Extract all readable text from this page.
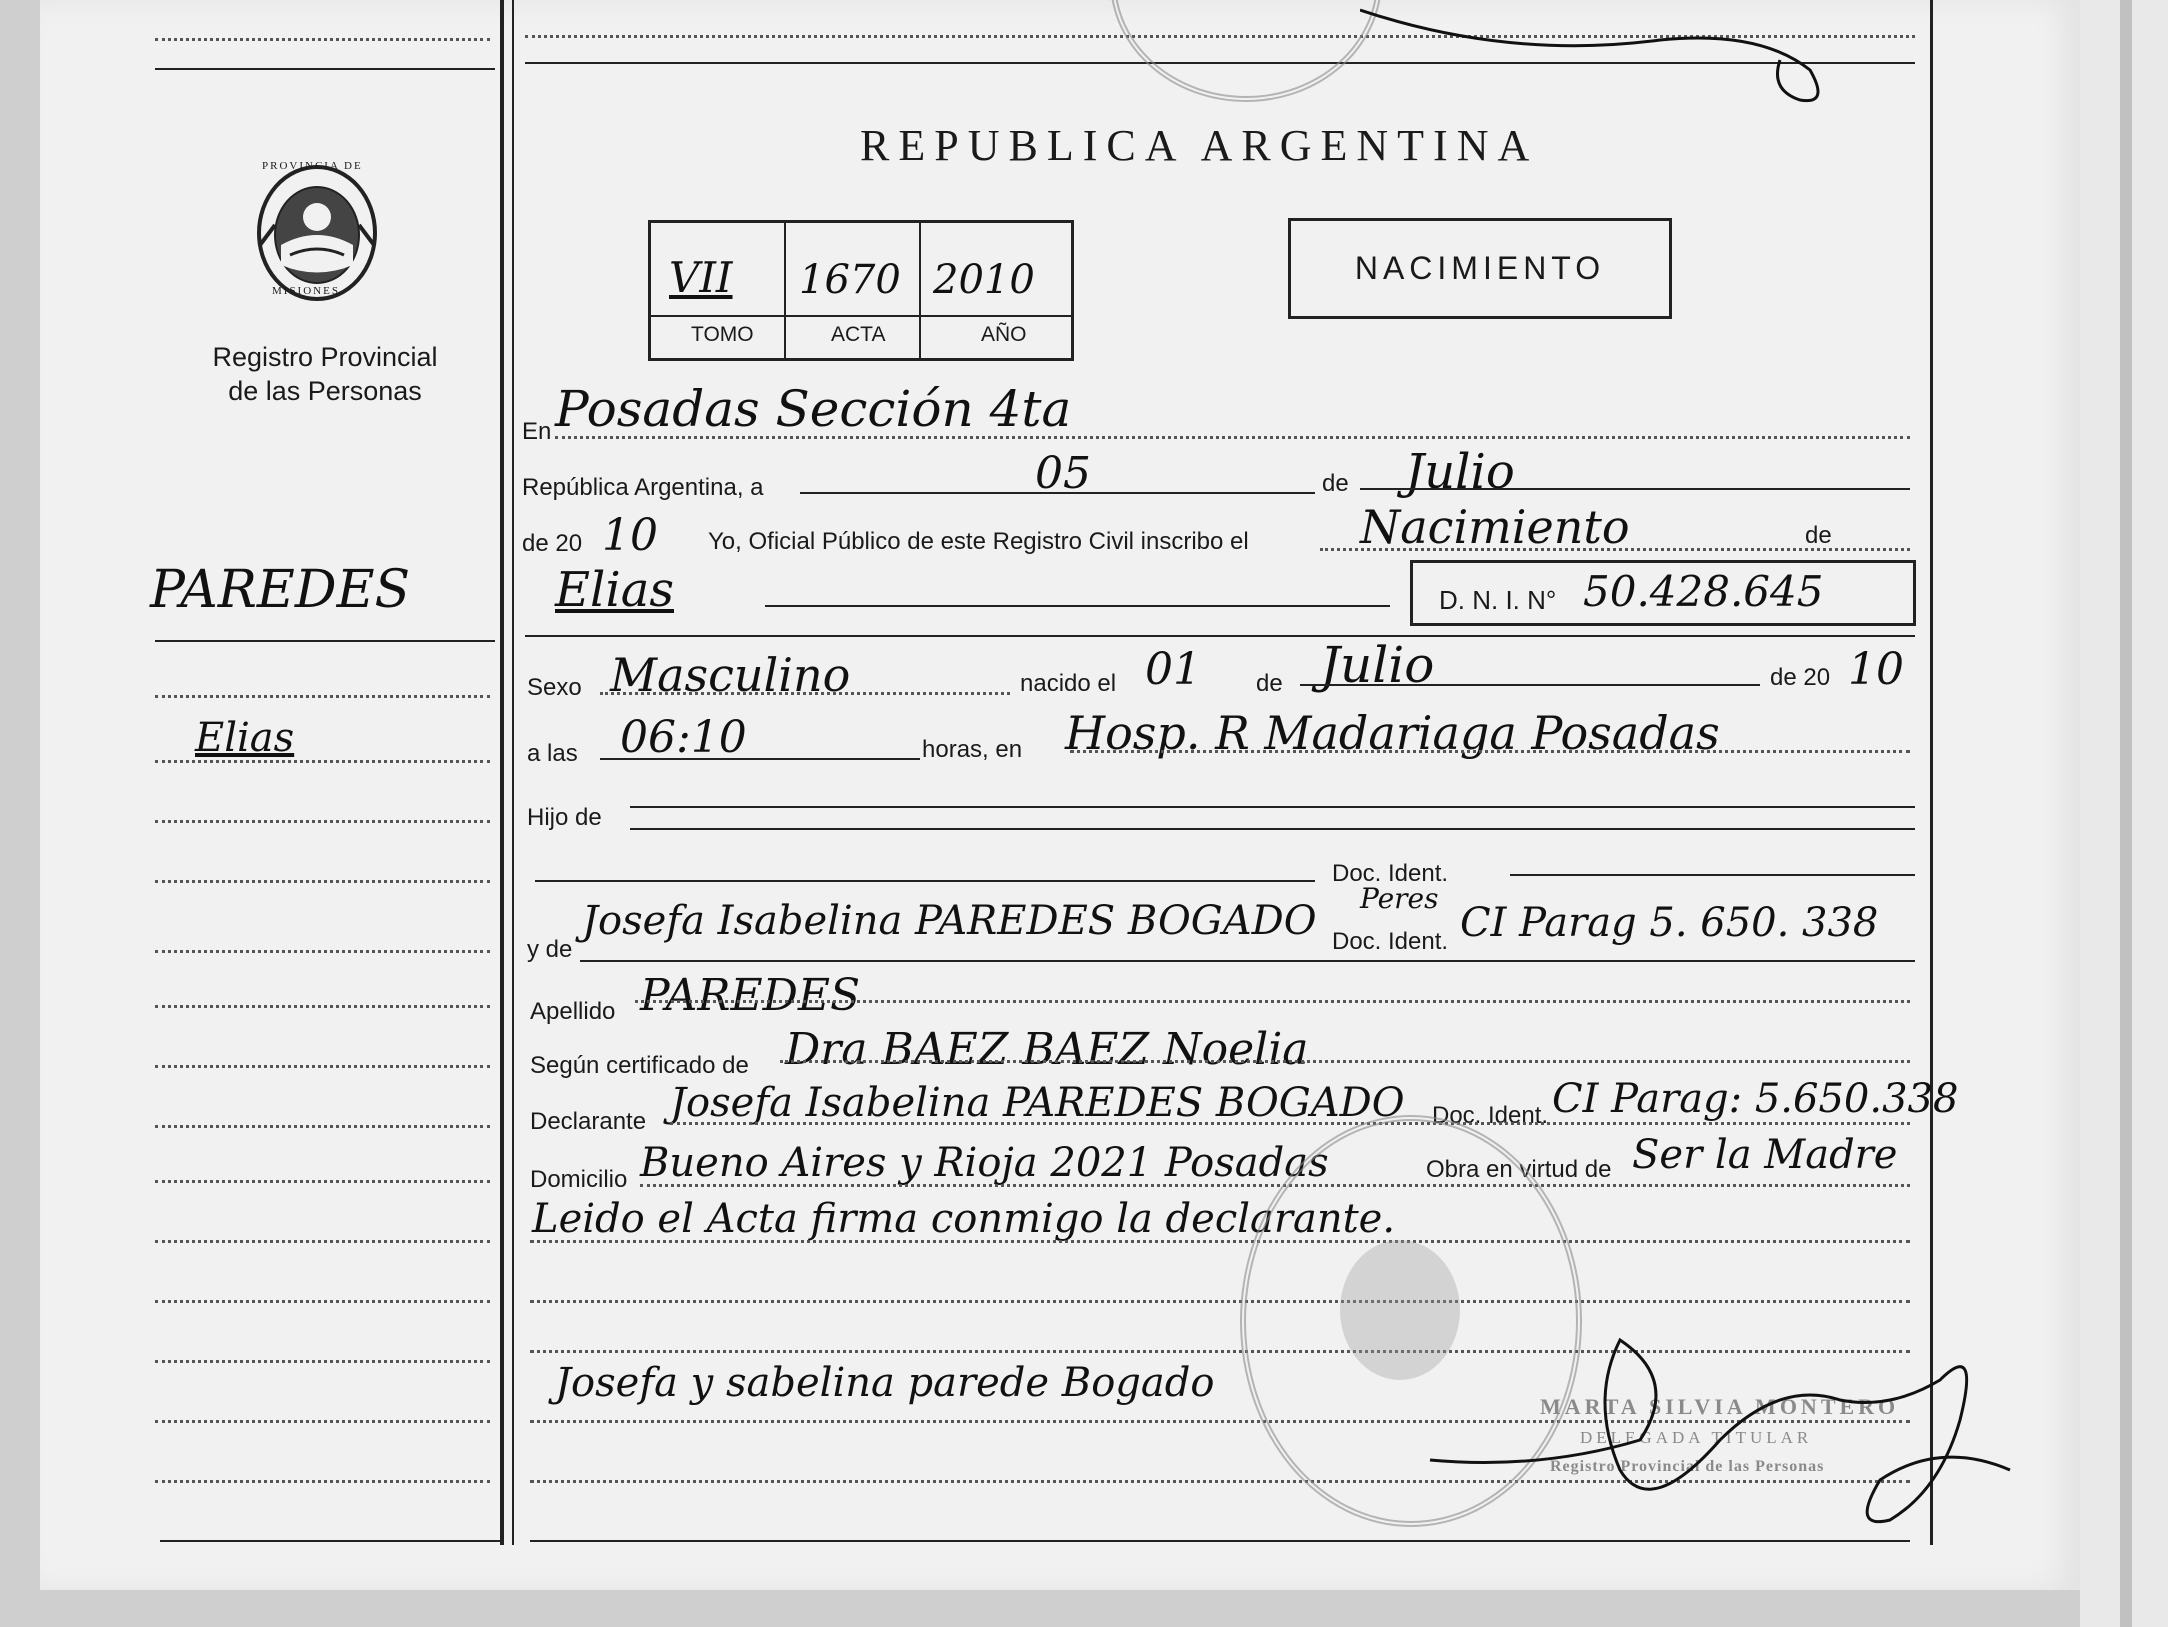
PROVINCIA DE
MISIONES
Registro Provincial
de las Personas
REPUBLICA ARGENTINA
VII 1670 2010
TOMO	ACTA	AÑO
NACIMIENTO
PAREDES
Elias
En Posadas Sección 4ta
República Argentina, a	05	de Julio
de 20 10 Yo, Oficial Público de este Registro Civil inscribo el Nacimiento	de
Elias	D. N. I. N° 50.428.645
Sexo Masculino	nacido el 01 de Julio	de 20 10
a las 06:10	horas, en Hosp. R Madariaga Posadas
Hijo de
Doc. Ident.
y de
Josefa Isabelina PAREDES BOGADO Peres
Doc. Ident. CI Parag 5. 650. 338
Apellido PAREDES
Según certificado de Dra BAEZ BAEZ Noelia
Declarante Josefa Isabelina PAREDES BOGADO Doc. Ident. CI Parag: 5.650.338
Domicilio Bueno Aires y Rioja 2021 Posadas	Obra en virtud de Ser la Madre
Leido el Acta firma conmigo la declarante.
Josefa y sabelina parede Bogado
MARTA SILVIA MONTERO
DELEGADA TITULAR
Registro Provincial de las Personas
